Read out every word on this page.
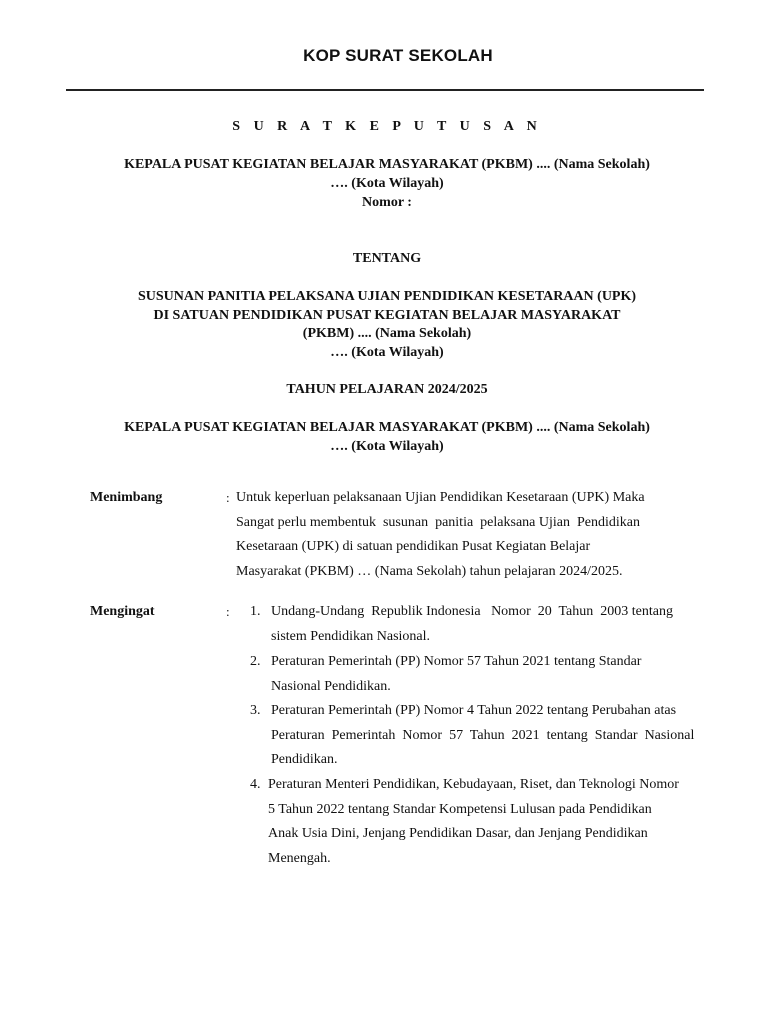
KOP SURAT SEKOLAH
S U R A T K E P U T U S A N
KEPALA PUSAT KEGIATAN BELAJAR MASYARAKAT (PKBM) .... (Nama Sekolah)
…. (Kota Wilayah)
Nomor :
TENTANG
SUSUNAN PANITIA PELAKSANA UJIAN PENDIDIKAN KESETARAAN (UPK)
DI SATUAN PENDIDIKAN PUSAT KEGIATAN BELAJAR MASYARAKAT
(PKBM) .... (Nama Sekolah)
…. (Kota Wilayah)
TAHUN PELAJARAN 2024/2025
KEPALA PUSAT KEGIATAN BELAJAR MASYARAKAT (PKBM) .... (Nama Sekolah)
…. (Kota Wilayah)
Menimbang	: Untuk keperluan pelaksanaan Ujian Pendidikan Kesetaraan (UPK) Maka
Sangat perlu membentuk  susunan  panitia  pelaksana Ujian  Pendidikan
Kesetaraan (UPK) di satuan pendidikan Pusat Kegiatan Belajar
Masyarakat (PKBM) … (Nama Sekolah) tahun pelajaran 2024/2025.
Mengingat	: 1. Undang-Undang  Republik Indonesia   Nomor  20  Tahun  2003 tentang
sistem Pendidikan Nasional.
2. Peraturan Pemerintah (PP) Nomor 57 Tahun 2021 tentang Standar
Nasional Pendidikan.
3. Peraturan Pemerintah (PP) Nomor 4 Tahun 2022 tentang Perubahan atas
Peraturan  Pemerintah  Nomor  57  Tahun  2021  tentang  Standar  Nasional
Pendidikan.
4. Peraturan Menteri Pendidikan, Kebudayaan, Riset, dan Teknologi Nomor
5 Tahun 2022 tentang Standar Kompetensi Lulusan pada Pendidikan
Anak Usia Dini, Jenjang Pendidikan Dasar, dan Jenjang Pendidikan
Menengah.
